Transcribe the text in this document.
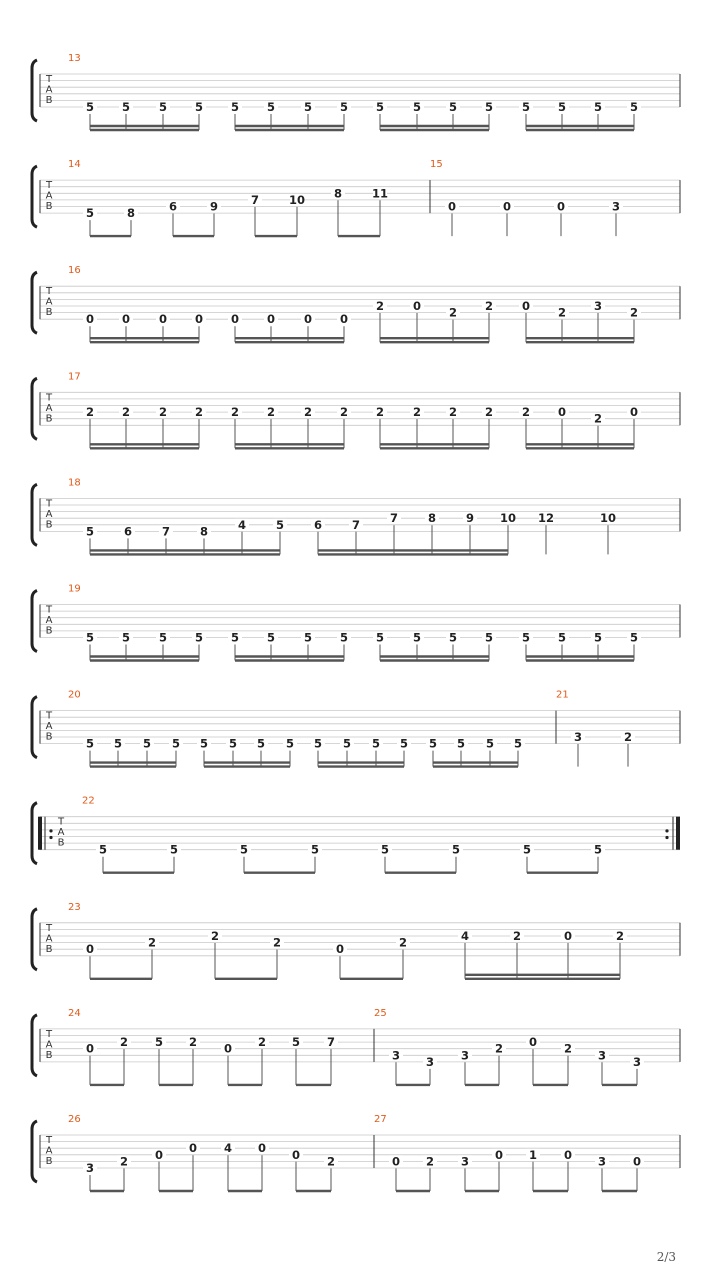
T
A
B
13
5 5	5 5 5 5	5 5 5	5 5 5	5 5 5 5
T
A
B
14
5	8	6	9	7	10	8	11
15
0	0	0	3
T
A
B
16
0 0	0 0 0 0	0 0
2	0 2 2	0 2 3 2
T
A
B
17
2 2	2 2 2 2	2 2 2	2 2 2	2 0 2 0
T
A
B
18
5	6	7	8	4	5	6	7	7	8	9 10 12	10
T
A
B
19
5 5	5 5 5 5	5 5 5	5 5 5	5 5 5 5
T
A
B
20
5 5 5 5 5 5 5 5 5 5 5 5 5 5 5 5
21
3	2
T
A
B
22
5	5	5	5	5	5	5	5
T
A
B
23
0	2	2	2	0	2	4	2	0	2
T
A
B
24
0 2 5 2 0 2 5 7
25
3 3 3 2 0 2 3 3
T
A
B
26
3 2 0 0 4 0 0 2
27
0 2 3 0 1 0 3 0
2/3
